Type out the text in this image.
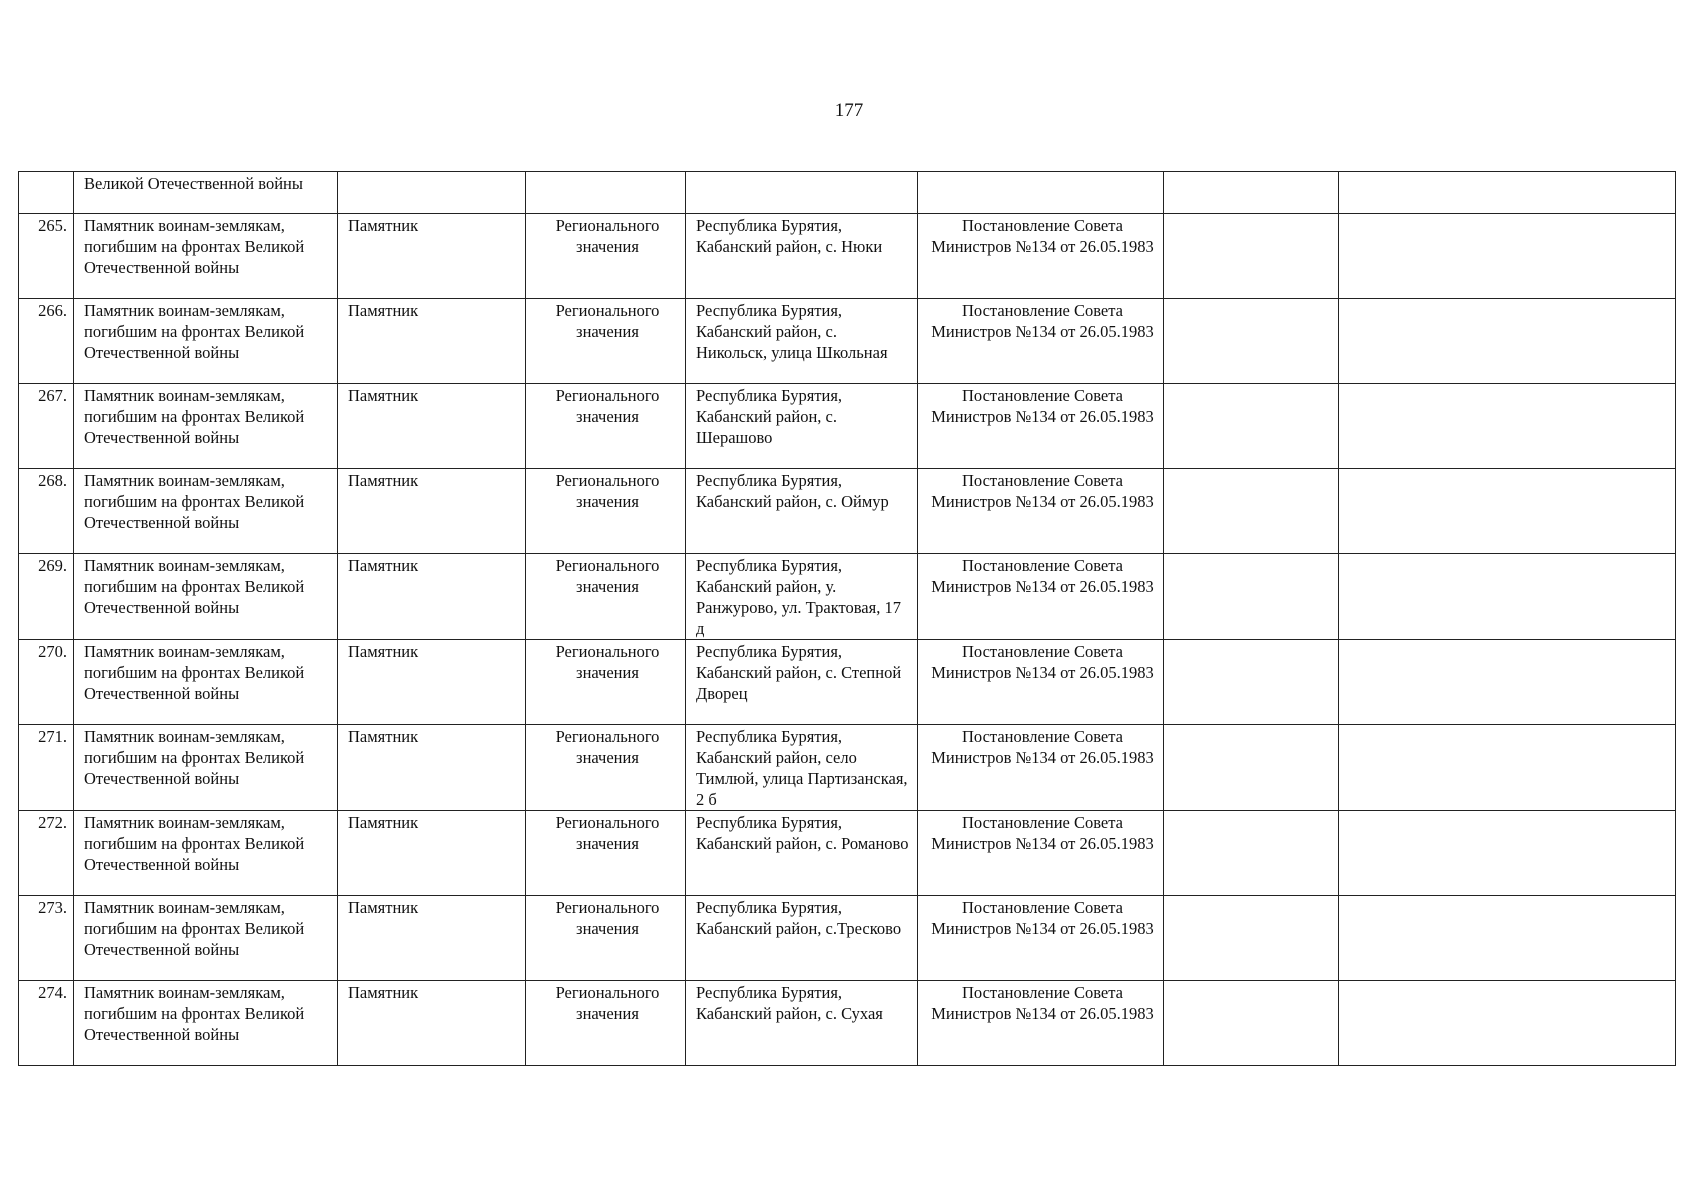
177
	Великой Отечественной войны						
265.	Памятник воинам-землякам, погибшим на фронтах Великой Отечественной войны	Памятник	Регионального значения	Республика Бурятия, Кабанский район, с. Нюки	Постановление Совета Министров №134 от 26.05.1983		
266.	Памятник воинам-землякам, погибшим на фронтах Великой Отечественной войны	Памятник	Регионального значения	Республика Бурятия, Кабанский район, с. Никольск, улица Школьная	Постановление Совета Министров №134 от 26.05.1983		
267.	Памятник воинам-землякам, погибшим на фронтах Великой Отечественной войны	Памятник	Регионального значения	Республика Бурятия, Кабанский район, с. Шерашово	Постановление Совета Министров №134 от 26.05.1983		
268.	Памятник воинам-землякам, погибшим на фронтах Великой Отечественной войны	Памятник	Регионального значения	Республика Бурятия, Кабанский район, с. Оймур	Постановление Совета Министров №134 от 26.05.1983		
269.	Памятник воинам-землякам, погибшим на фронтах Великой Отечественной войны	Памятник	Регионального значения	Республика Бурятия, Кабанский район, у. Ранжурово, ул. Трактовая, 17 д	Постановление Совета Министров №134 от 26.05.1983		
270.	Памятник воинам-землякам, погибшим на фронтах Великой Отечественной войны	Памятник	Регионального значения	Республика Бурятия, Кабанский район, с. Степной Дворец	Постановление Совета Министров №134 от 26.05.1983		
271.	Памятник воинам-землякам, погибшим на фронтах Великой Отечественной войны	Памятник	Регионального значения	Республика Бурятия, Кабанский район, село Тимлюй, улица Партизанская, 2 б	Постановление Совета Министров №134 от 26.05.1983		
272.	Памятник воинам-землякам, погибшим на фронтах Великой Отечественной войны	Памятник	Регионального значения	Республика Бурятия, Кабанский район, с. Романово	Постановление Совета Министров №134 от 26.05.1983		
273.	Памятник воинам-землякам, погибшим на фронтах Великой Отечественной войны	Памятник	Регионального значения	Республика Бурятия, Кабанский район, с.Тресково	Постановление Совета Министров №134 от 26.05.1983		
274.	Памятник воинам-землякам, погибшим на фронтах Великой Отечественной войны	Памятник	Регионального значения	Республика Бурятия, Кабанский район, с. Сухая	Постановление Совета Министров №134 от 26.05.1983		
